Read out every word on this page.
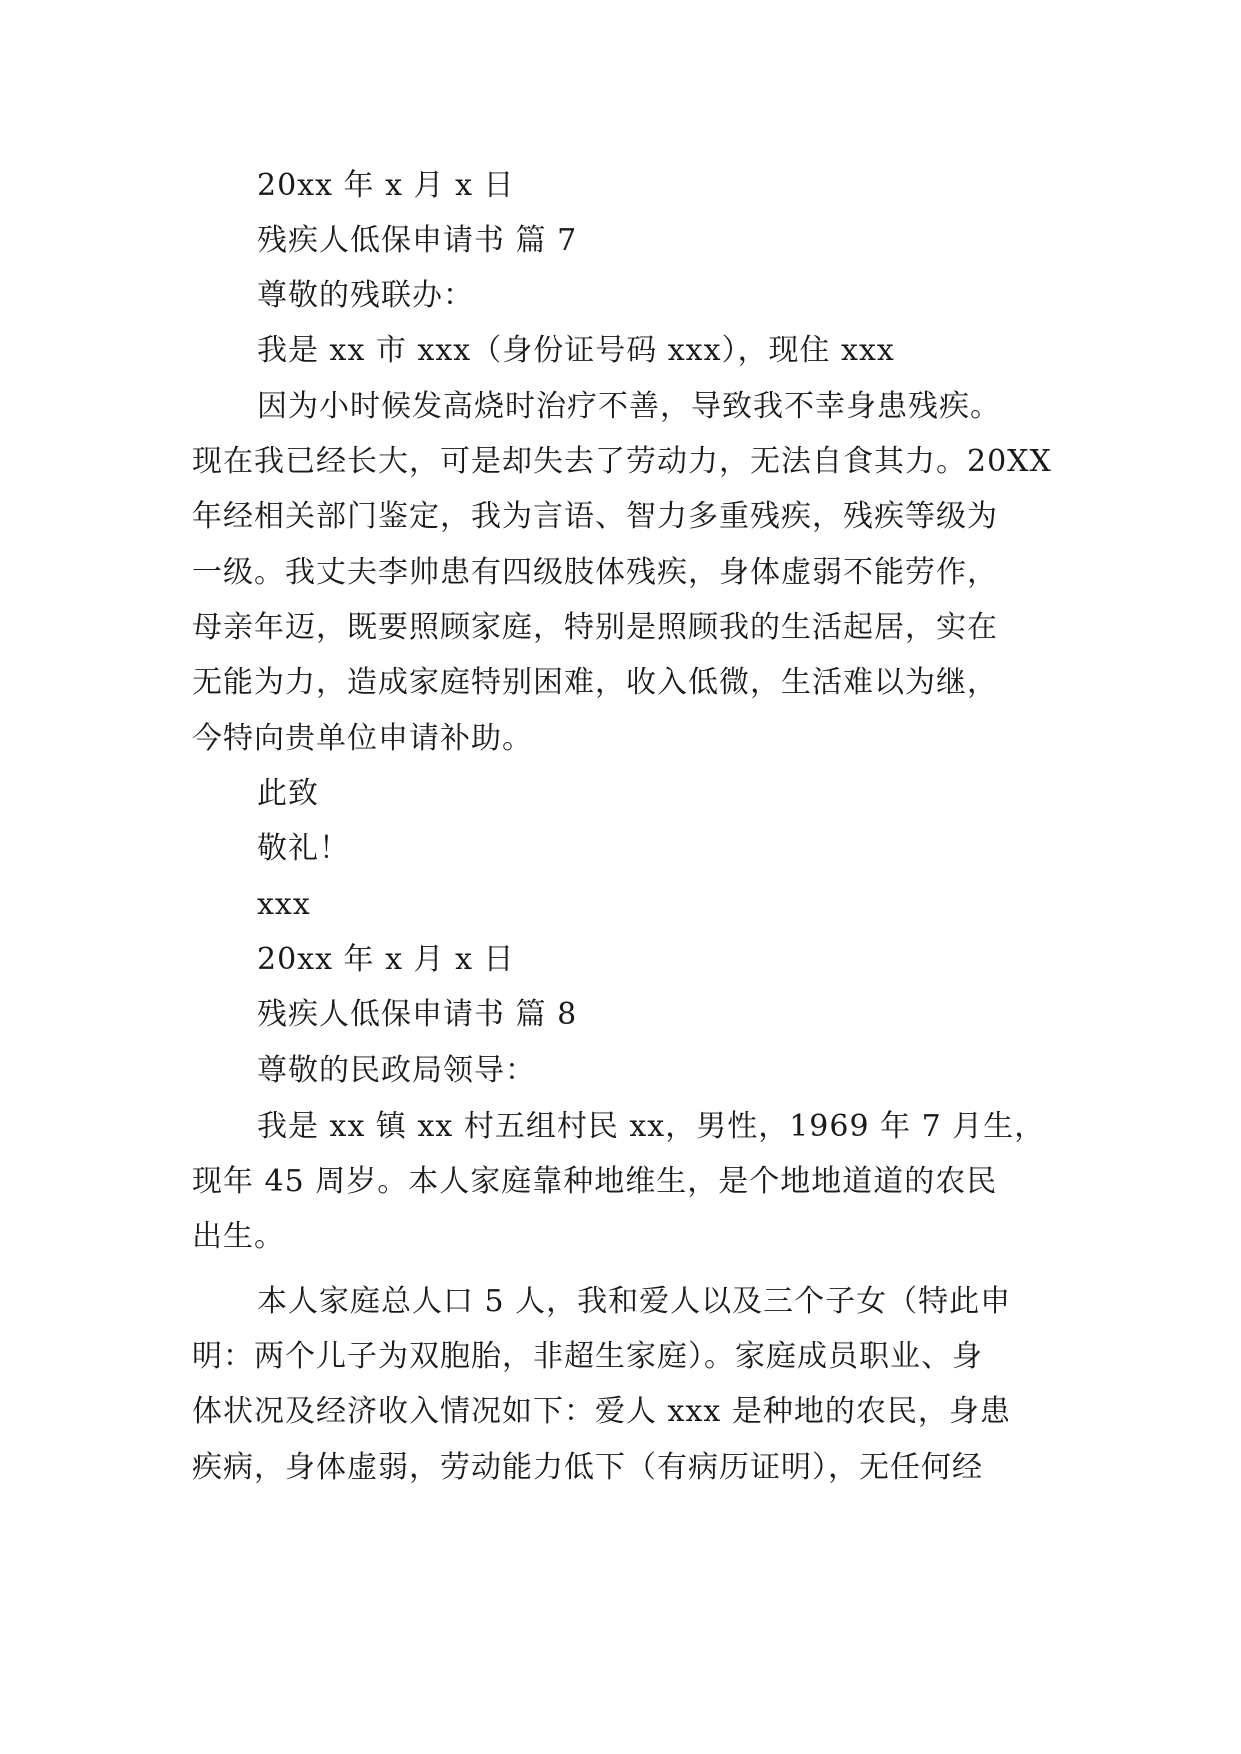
20xx 年 x 月 x 日
残疾人低保申请书 篇 7
尊敬的残联办：
我是 xx 市 xxx（身份证号码 xxx），现住 xxx
因为小时候发高烧时治疗不善，导致我不幸身患残疾。
现在我已经长大，可是却失去了劳动力，无法自食其力。20XX
年经相关部门鉴定，我为言语、智力多重残疾，残疾等级为
一级。我丈夫李帅患有四级肢体残疾，身体虚弱不能劳作，
母亲年迈，既要照顾家庭，特别是照顾我的生活起居，实在
无能为力，造成家庭特别困难，收入低微，生活难以为继，
今特向贵单位申请补助。
此致
敬礼！
xxx
20xx 年 x 月 x 日
残疾人低保申请书 篇 8
尊敬的民政局领导：
我是 xx 镇 xx 村五组村民 xx，男性，1969 年 7 月生，
现年 45 周岁。本人家庭靠种地维生，是个地地道道的农民
出生。
本人家庭总人口 5 人，我和爱人以及三个子女（特此申
明：两个儿子为双胞胎，非超生家庭）。家庭成员职业、身
体状况及经济收入情况如下：爱人 xxx 是种地的农民，身患
疾病，身体虚弱，劳动能力低下（有病历证明），无任何经
